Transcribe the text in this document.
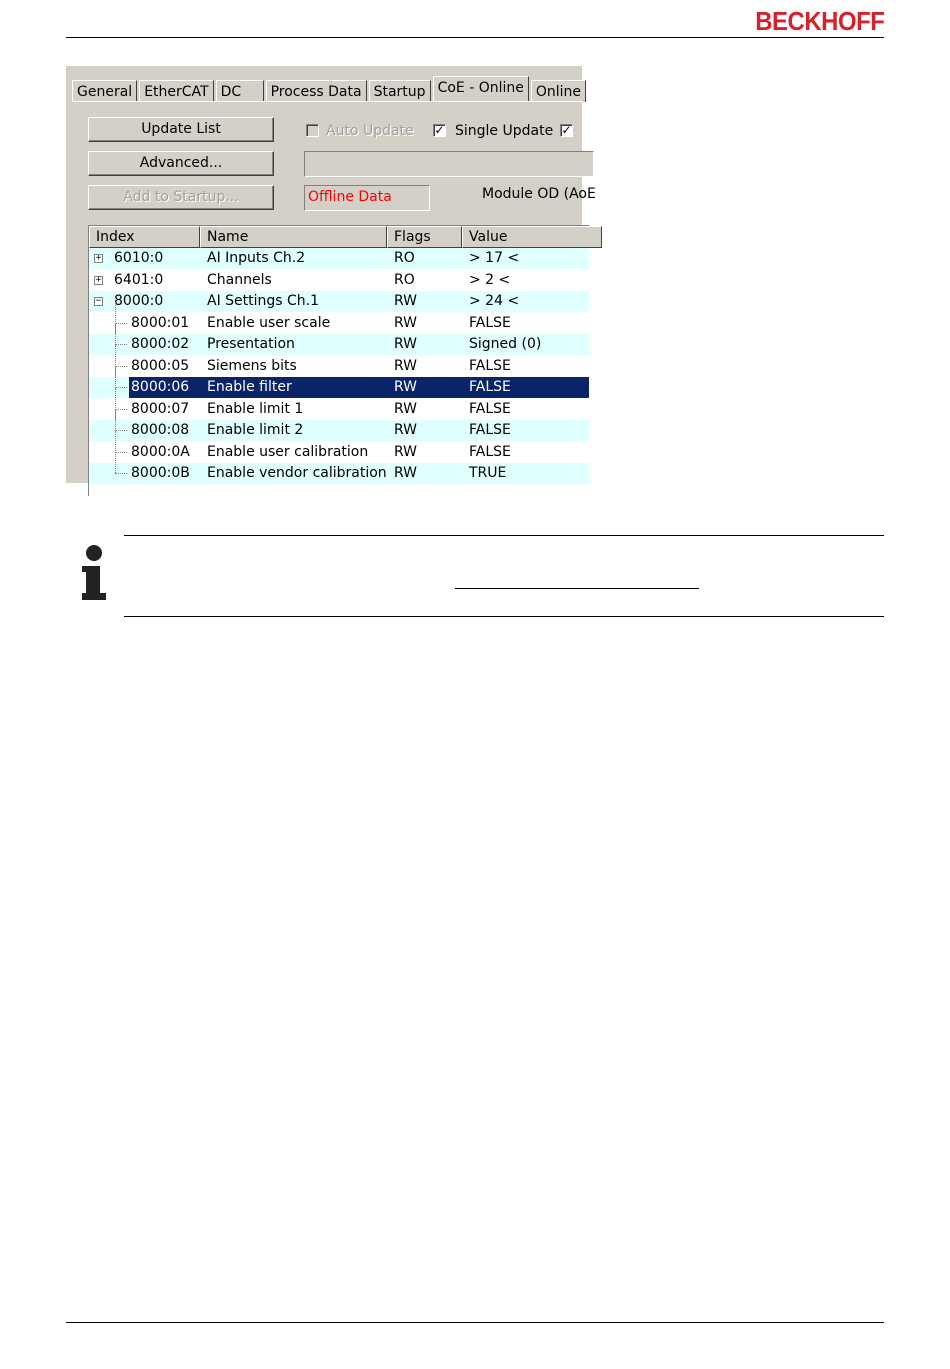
BECKHOFF
General EtherCAT DC	Process Data Startup CoE - Online Online
Update List
Advanced...
Add to Startup...
Auto Update ✓ Single Update ✓
Offline Data	Module OD (AoE
Index	Name	Flags	Value
+ 6010:0	AI Inputs Ch.2	RO	> 17 <
+ 6401:0	Channels	RO	> 2 <
− 8000:0	AI Settings Ch.1	RW	> 24 <
8000:01 Enable user scale	RW	FALSE
8000:02 Presentation	RW	Signed (0)
8000:05 Siemens bits	RW	FALSE
8000:06 Enable filter	RW	FALSE
8000:07 Enable limit 1	RW	FALSE
8000:08 Enable limit 2	RW	FALSE
8000:0A Enable user calibration RW	FALSE
8000:0B Enable vendor calibration RW	TRUE
